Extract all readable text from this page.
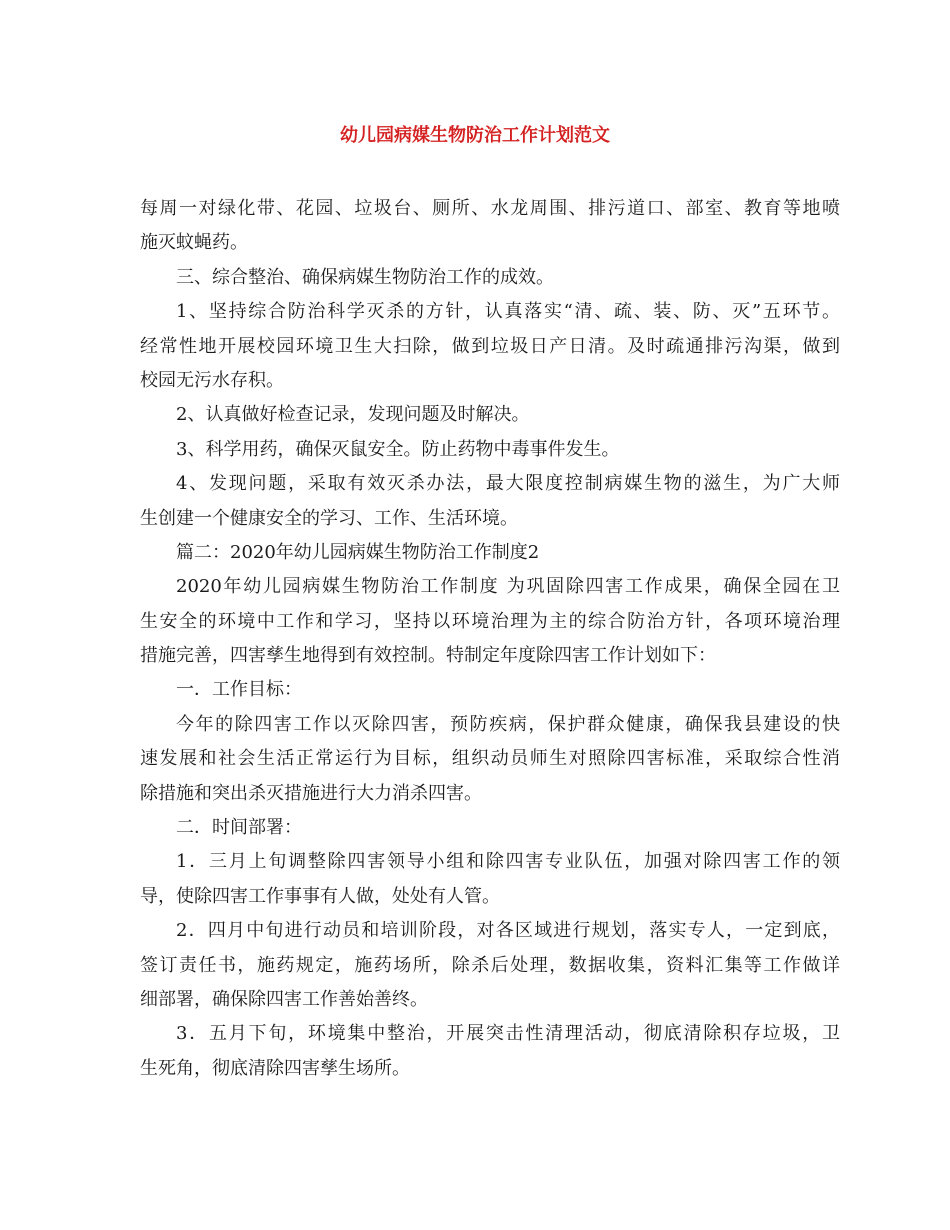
幼儿园病媒生物防治工作计划范文
每周一对绿化带、花园、垃圾台、厕所、水龙周围、排污道口、部室、教育等地喷
施灭蚊蝇药。
三、综合整治、确保病媒生物防治工作的成效。
1、坚持综合防治科学灭杀的方针，认真落实“清、疏、装、防、灭”五环节。
经常性地开展校园环境卫生大扫除，做到垃圾日产日清。及时疏通排污沟渠，做到
校园无污水存积。
2、认真做好检查记录，发现问题及时解决。
3、科学用药，确保灭鼠安全。防止药物中毒事件发生。
4、发现问题，采取有效灭杀办法，最大限度控制病媒生物的滋生，为广大师
生创建一个健康安全的学习、工作、生活环境。
篇二：2020年幼儿园病媒生物防治工作制度2
2020年幼儿园病媒生物防治工作制度 为巩固除四害工作成果，确保全园在卫
生安全的环境中工作和学习，坚持以环境治理为主的综合防治方针，各项环境治理
措施完善，四害孳生地得到有效控制。特制定年度除四害工作计划如下：
一．工作目标：
今年的除四害工作以灭除四害，预防疾病，保护群众健康，确保我县建设的快
速发展和社会生活正常运行为目标，组织动员师生对照除四害标准，采取综合性消
除措施和突出杀灭措施进行大力消杀四害。
二．时间部署：
1．三月上旬调整除四害领导小组和除四害专业队伍，加强对除四害工作的领
导，使除四害工作事事有人做，处处有人管。
2．四月中旬进行动员和培训阶段，对各区域进行规划，落实专人，一定到底，
签订责任书，施药规定，施药场所，除杀后处理，数据收集，资料汇集等工作做详
细部署，确保除四害工作善始善终。
3．五月下旬，环境集中整治，开展突击性清理活动，彻底清除积存垃圾，卫
生死角，彻底清除四害孳生场所。
